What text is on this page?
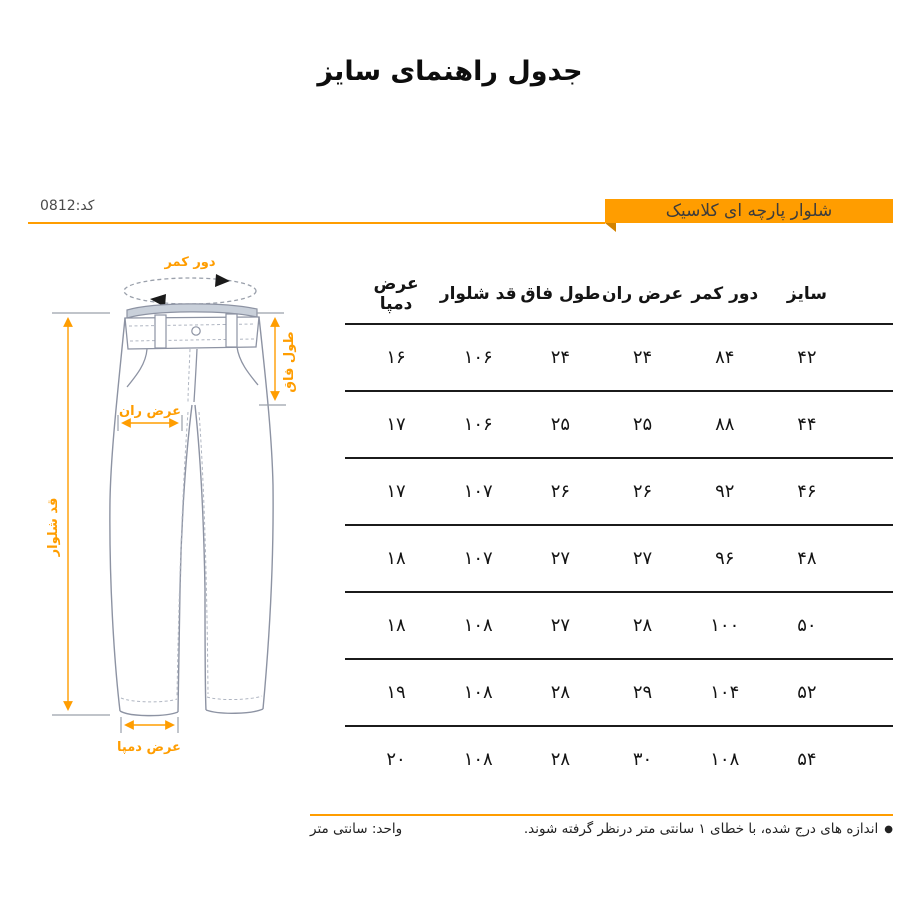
جدول راهنمای سایز
کد:0812	شلوار پارچه ای کلاسیک
قد شلوار
طول فاق
عرض ران
عرض دمپا
دور کمر
سایز
دور کمر
عرض ران
طول فاق
قد شلوار
عرض دمپا
۴۲
۸۴
۲۴
۲۴
۱۰۶
۱۶
۴۴
۸۸
۲۵
۲۵
۱۰۶
۱۷
۴۶
۹۲
۲۶
۲۶
۱۰۷
۱۷
۴۸
۹۶
۲۷
۲۷
۱۰۷
۱۸
۵۰
۱۰۰
۲۸
۲۷
۱۰۸
۱۸
۵۲
۱۰۴
۲۹
۲۸
۱۰۸
۱۹
۵۴
۱۰۸
۳۰
۲۸
۱۰۸
۲۰
●
اندازه های درج شده، با خطای ۱ سانتی متر درنظر گرفته شوند.
واحد: سانتی متر
